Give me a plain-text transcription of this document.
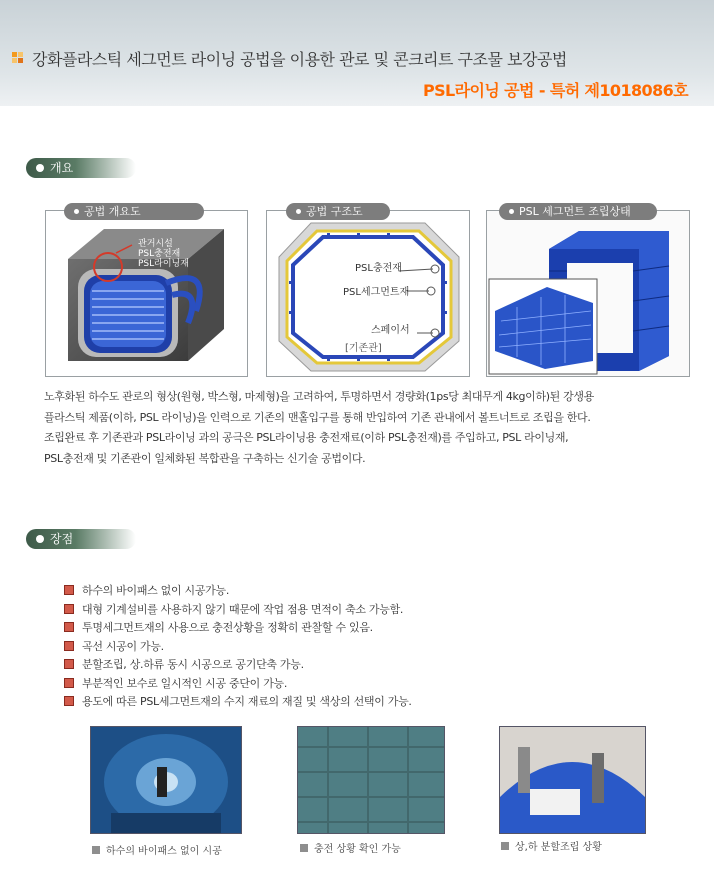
강화플라스틱 세그먼트 라이닝 공법을 이용한 관로 및 콘크리트 구조물 보강공법
PSL라이닝 공법 - 특허 제1018086호
개요
관거시설
PSL충전재
PSL라이닝재
공법 개요도
PSL충전재
PSL세그먼트재
스페이서
[기존관]
공법 구조도	PSL 세그먼트 조립상태
노후화된 하수도 관로의 형상(원형, 박스형, 마제형)을 고려하여, 투명하면서 경량화(1ps당 최대무게 4kg이하)된 강생용
플라스틱 제품(이하, PSL 라이닝)을 인력으로 기존의 맨홀입구를 통해 반입하여 기존 관내에서 볼트너트로 조립을 한다.
조립완료 후 기존관과 PSL라이닝 과의 공극은 PSL라이닝용 충전재료(이하 PSL충전재)를 주입하고, PSL 라이닝재,
PSL충전재 및 기존관이 일체화된 복합관을 구축하는 신기술 공법이다.
장점
하수의 바이패스 없이 시공가능.
대형 기계설비를 사용하지 않기 때문에 작업 점용 면적이 축소 가능함.
투명세그먼트재의 사용으로 충전상황을 정확히 관찰할 수 있음.
곡선 시공이 가능.
분할조립, 상.하류 동시 시공으로 공기단축 가능.
부분적인 보수로 일시적인 시공 중단이 가능.
용도에 따른 PSL세그먼트재의 수지 재료의 재질 및 색상의 선택이 가능.
하수의 바이패스 없이 시공	충전 상황 확인 가능	상,하 분할조립 상황
